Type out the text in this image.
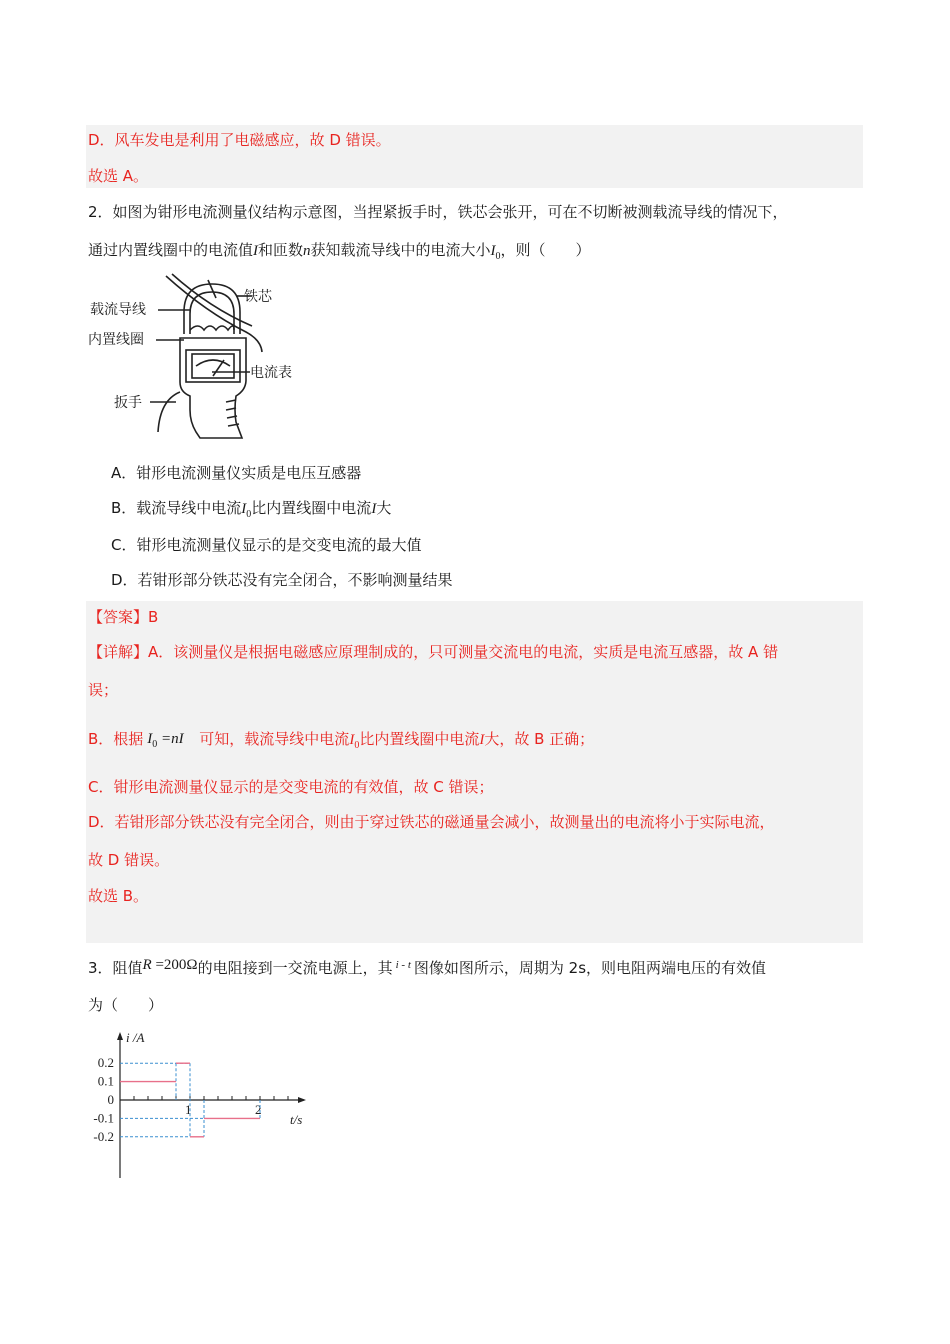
D．风车发电是利用了电磁感应，故 D 错误。
故选 A。
2．如图为钳形电流测量仪结构示意图，当捏紧扳手时，铁芯会张开，可在不切断被测载流导线的情况下，
通过内置线圈中的电流值I和匝数n获知载流导线中的电流大小$I_0$，则（　　）
载流导线
内置线圈
铁芯
电流表
扳手
A．钳形电流测量仪实质是电压互感器
B．载流导线中电流$I_0$比内置线圈中电流I大
C．钳形电流测量仪显示的是交变电流的最大值
D．若钳形部分铁芯没有完全闭合，不影响测量结果
【答案】B
【详解】A．该测量仪是根据电磁感应原理制成的，只可测量交流电的电流，实质是电流互感器，故 A 错
误；
B．根据 $I_0 =nI$ 可知，载流导线中电流$I_0$比内置线圈中电流I大，故 B 正确；
C．钳形电流测量仪显示的是交变电流的有效值，故 C 错误；
D．若钳形部分铁芯没有完全闭合，则由于穿过铁芯的磁通量会减小，故测量出的电流将小于实际电流，
故 D 错误。
故选 B。
3．阻值R =200Ω的电阻接到一交流电源上，其 $^{i - t}$ 图像如图所示，周期为 2s，则电阻两端电压的有效值
为（　　）
0.2
0.1
0
-0.1
-0.2
1	2
i /A
t/s
